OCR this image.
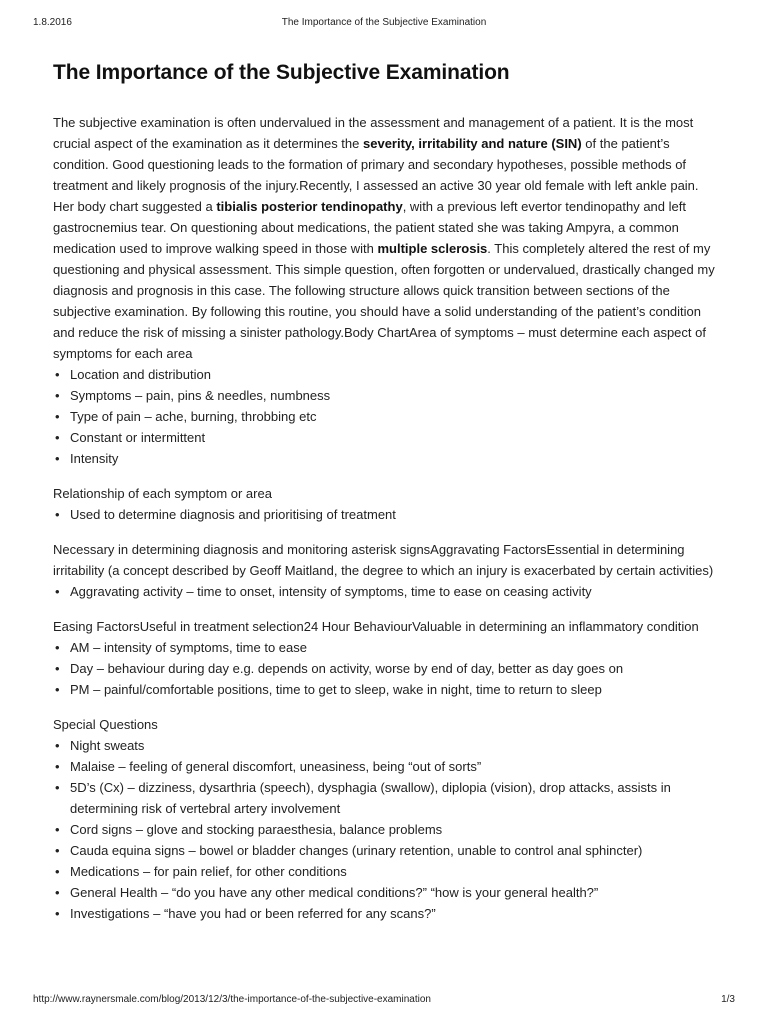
1.8.2016	The Importance of the Subjective Examination
The Importance of the Subjective Examination

The subjective examination is often undervalued in the assessment and management of a patient. It is the most crucial aspect of the examination as it determines the severity, irritability and nature (SIN) of the patient’s condition. Good questioning leads to the formation of primary and secondary hypotheses, possible methods of treatment and likely prognosis of the injury.Recently, I assessed an active 30 year old female with left ankle pain. Her body chart suggested a tibialis posterior tendinopathy, with a previous left evertor tendinopathy and left gastrocnemius tear. On questioning about medications, the patient stated she was taking Ampyra, a common medication used to improve walking speed in those with multiple sclerosis. This completely altered the rest of my questioning and physical assessment. This simple question, often forgotten or undervalued, drastically changed my diagnosis and prognosis in this case. The following structure allows quick transition between sections of the subjective examination. By following this routine, you should have a solid understanding of the patient’s condition and reduce the risk of missing a sinister pathology.Body ChartArea of symptoms – must determine each aspect of symptoms for each area

• Location and distribution
• Symptoms – pain, pins & needles, numbness
• Type of pain – ache, burning, throbbing etc
• Constant or intermittent
• Intensity

Relationship of each symptom or area

• Used to determine diagnosis and prioritising of treatment

Necessary in determining diagnosis and monitoring asterisk signsAggravating FactorsEssential in determining irritability (a concept described by Geoff Maitland, the degree to which an injury is exacerbated by certain activities)

• Aggravating activity – time to onset, intensity of symptoms, time to ease on ceasing activity

Easing FactorsUseful in treatment selection24 Hour BehaviourValuable in determining an inflammatory condition

• AM – intensity of symptoms, time to ease
• Day – behaviour during day e.g. depends on activity, worse by end of day, better as day goes on
• PM – painful/comfortable positions, time to get to sleep, wake in night, time to return to sleep

Special Questions

• Night sweats
• Malaise – feeling of general discomfort, uneasiness, being “out of sorts”
• 5D’s (Cx) – dizziness, dysarthria (speech), dysphagia (swallow), diplopia (vision), drop attacks, assists in determining risk of vertebral artery involvement
• Cord signs – glove and stocking paraesthesia, balance problems
• Cauda equina signs – bowel or bladder changes (urinary retention, unable to control anal sphincter)
• Medications – for pain relief, for other conditions
• General Health – “do you have any other medical conditions?” “how is your general health?”
• Investigations – “have you had or been referred for any scans?”
http://www.raynersmale.com/blog/2013/12/3/the-importance-of-the-subjective-examination	1/3
